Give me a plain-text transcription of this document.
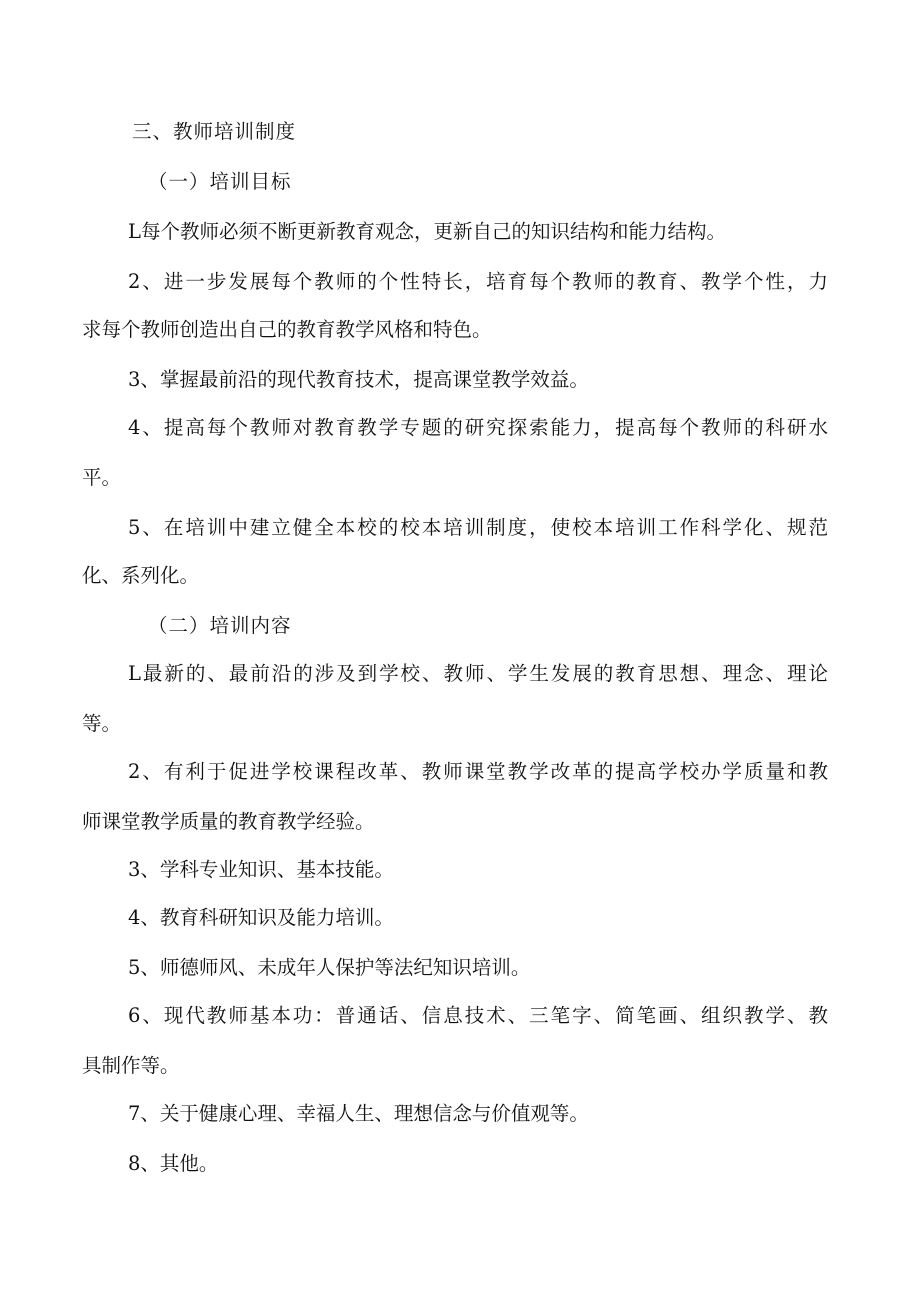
三、教师培训制度
（一）培训目标
L每个教师必须不断更新教育观念，更新自己的知识结构和能力结构。
2、进一步发展每个教师的个性特长，培育每个教师的教育、教学个性，力
求每个教师创造出自己的教育教学风格和特色。
3、掌握最前沿的现代教育技术，提高课堂教学效益。
4、提高每个教师对教育教学专题的研究探索能力，提高每个教师的科研水
平。
5、在培训中建立健全本校的校本培训制度，使校本培训工作科学化、规范
化、系列化。
（二）培训内容
L最新的、最前沿的涉及到学校、教师、学生发展的教育思想、理念、理论
等。
2、有利于促进学校课程改革、教师课堂教学改革的提高学校办学质量和教
师课堂教学质量的教育教学经验。
3、学科专业知识、基本技能。
4、教育科研知识及能力培训。
5、师德师风、未成年人保护等法纪知识培训。
6、现代教师基本功：普通话、信息技术、三笔字、简笔画、组织教学、教
具制作等。
7、关于健康心理、幸福人生、理想信念与价值观等。
8、其他。
